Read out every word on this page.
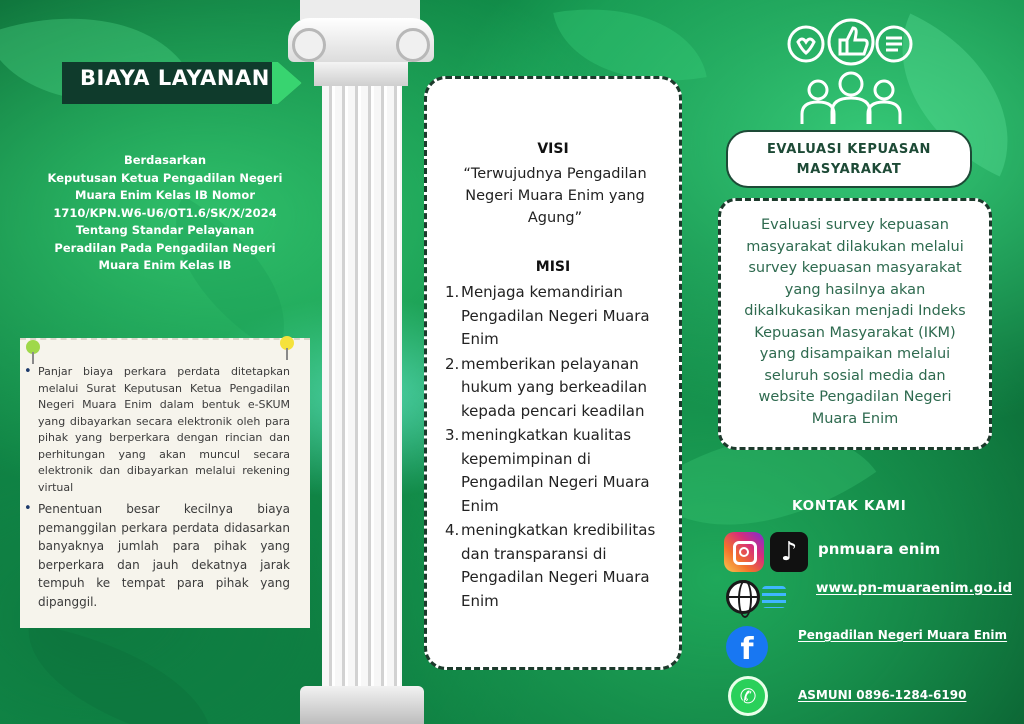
BIAYA LAYANAN
Berdasarkan
Keputusan Ketua Pengadilan Negeri
Muara Enim Kelas IB Nomor
1710/KPN.W6-U6/OT1.6/SK/X/2024
Tentang Standar Pelayanan
Peradilan Pada Pengadilan Negeri
Muara Enim Kelas IB
• Panjar biaya perkara perdata ditetapkan melalui Surat Keputusan Ketua Pengadilan Negeri Muara Enim dalam bentuk e-SKUM yang dibayarkan secara elektronik oleh para pihak yang berperkara dengan rincian dan perhitungan yang akan muncul secara elektronik dan dibayarkan melalui rekening virtual
• Penentuan besar kecilnya biaya pemanggilan perkara perdata didasarkan banyaknya jumlah para pihak yang berperkara dan jauh dekatnya jarak tempuh ke tempat para pihak yang dipanggil.
VISI
“Terwujudnya Pengadilan Negeri Muara Enim yang Agung”
MISI
1. Menjaga kemandirian Pengadilan Negeri Muara Enim
2. memberikan pelayanan hukum yang berkeadilan kepada pencari keadilan
3. meningkatkan kualitas kepemimpinan di Pengadilan Negeri Muara Enim
4. meningkatkan kredibilitas dan transparansi di Pengadilan Negeri Muara Enim
EVALUASI KEPUASAN
MASYARAKAT
Evaluasi survey kepuasan masyarakat dilakukan melalui survey kepuasan masyarakat yang hasilnya akan dikalkukasikan menjadi Indeks Kepuasan Masyarakat (IKM) yang disampaikan melalui seluruh sosial media dan website Pengadilan Negeri Muara Enim
KONTAK KAMI
♪	pnmuara enim
www.pn-muaraenim.go.id
f	Pengadilan Negeri Muara Enim
✆	ASMUNI 0896-1284-6190
